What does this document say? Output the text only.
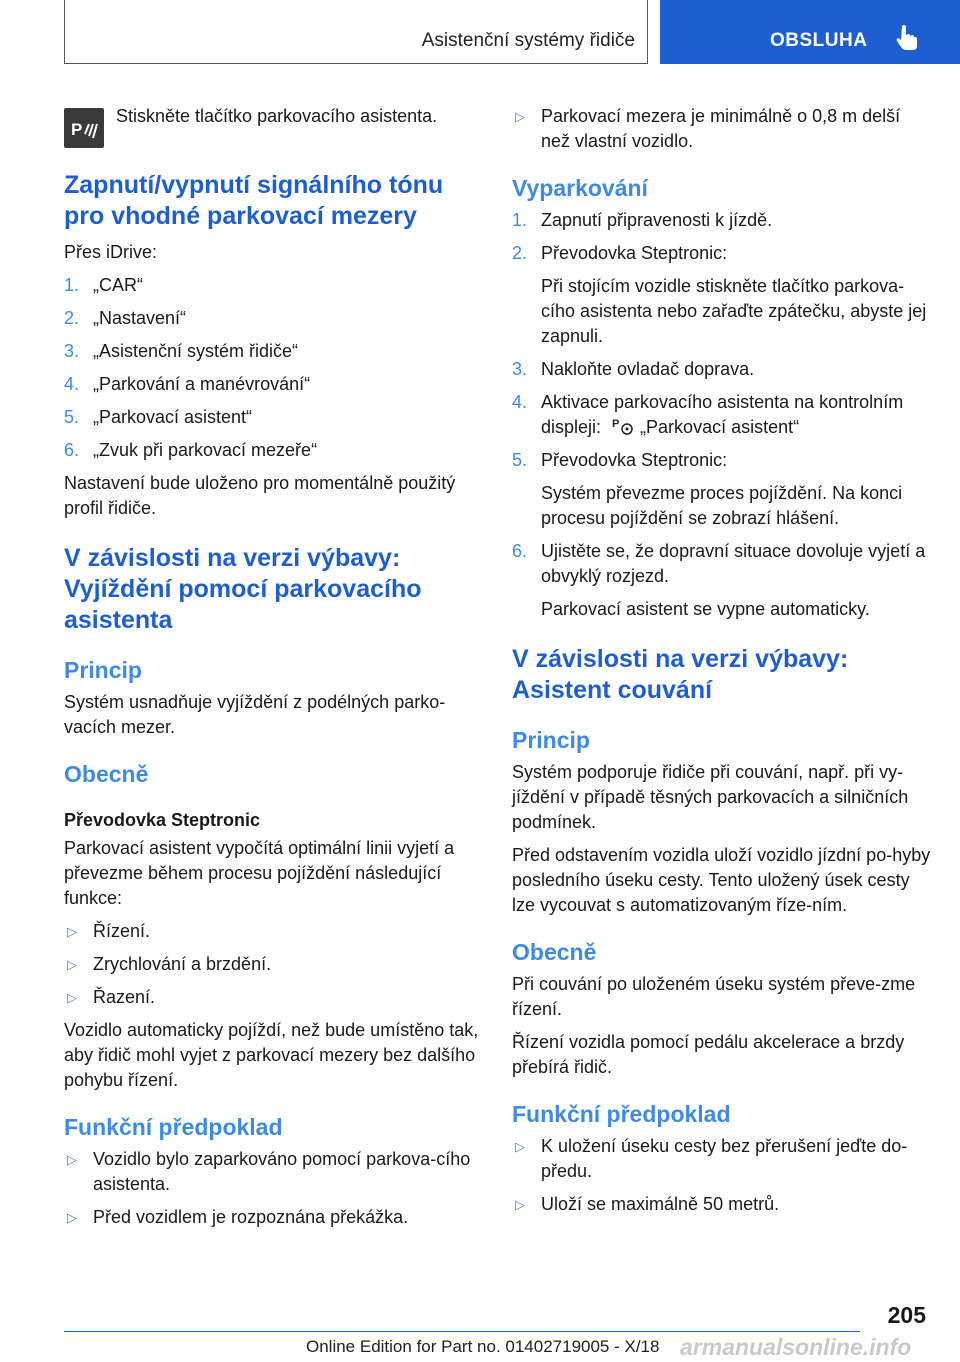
Asistenční systémy řidiče	OBSLUHA

P
Stiskněte tlačítko parkovacího asistenta.

Zapnutí/vypnutí signálního tónu pro vhodné parkovací mezery

Přes iDrive:

1. „CAR“
2. „Nastavení“
3. „Asistenční systém řidiče“
4. „Parkování a manévrování“
5. „Parkovací asistent“
6. „Zvuk při parkovací mezeře“

Nastavení bude uloženo pro momentálně použitý profil řidiče.

V závislosti na verzi výbavy: Vyjíždění pomocí parkovacího asistenta
Princip

Systém usnadňuje vyjíždění z podélných parko‐vacích mezer.

Obecně
Převodovka Steptronic

Parkovací asistent vypočítá optimální linii vyjetí a převezme během procesu pojíždění následující funkce:

▷ Řízení.
▷ Zrychlování a brzdění.
▷ Řazení.

Vozidlo automaticky pojíždí, než bude umístěno tak, aby řidič mohl vyjet z parkovací mezery bez dalšího pohybu řízení.

Funkční předpoklad
▷ Vozidlo bylo zaparkováno pomocí parkova‐cího asistenta.
▷ Před vozidlem je rozpoznána překážka.
▷ Parkovací mezera je minimálně o 0,8 m delší než vlastní vozidlo.
Vyparkování
1. Zapnutí připravenosti k jízdě.
2. Převodovka Steptronic:

Při stojícím vozidle stiskněte tlačítko parkova‐cího asistenta nebo zařaďte zpátečku, abyste jej zapnuli.

3. Nakloňte ovladač doprava.
4. Aktivace parkovacího asistenta na kontrolním displeji: P „Parkovací asistent“
5. Převodovka Steptronic:

Systém převezme proces pojíždění. Na konci procesu pojíždění se zobrazí hlášení.

6. Ujistěte se, že dopravní situace dovoluje vyjetí a obvyklý rozjezd.

Parkovací asistent se vypne automaticky.

V závislosti na verzi výbavy: Asistent couvání
Princip

Systém podporuje řidiče při couvání, např. při vy‐jíždění v případě těsných parkovacích a silničních podmínek.

Před odstavením vozidla uloží vozidlo jízdní po‐hyby posledního úseku cesty. Tento uložený úsek cesty lze vycouvat s automatizovaným říze‐ním.

Obecně

Při couvání po uloženém úseku systém převe‐zme řízení.

Řízení vozidla pomocí pedálu akcelerace a brzdy přebírá řidič.

Funkční předpoklad
▷ K uložení úseku cesty bez přerušení jeďte do‐předu.
▷ Uloží se maximálně 50 metrů.
205
Online Edition for Part no. 01402719005 - X/18 armanualsonline.info
